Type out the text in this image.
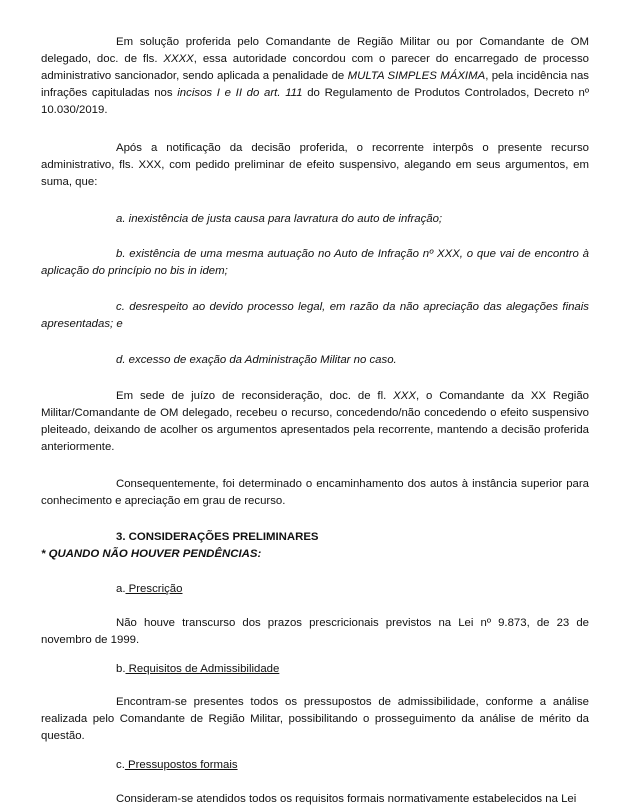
Em solução proferida pelo Comandante de Região Militar ou por Comandante de OM delegado, doc. de fls. XXXX, essa autoridade concordou com o parecer do encarregado de processo administrativo sancionador, sendo aplicada a penalidade de MULTA SIMPLES MÁXIMA, pela incidência nas infrações capituladas nos incisos I e II do art. 111 do Regulamento de Produtos Controlados, Decreto nº 10.030/2019.
Após a notificação da decisão proferida, o recorrente interpôs o presente recurso administrativo, fls. XXX, com pedido preliminar de efeito suspensivo, alegando em seus argumentos, em suma, que:
a. inexistência de justa causa para lavratura do auto de infração;
b. existência de uma mesma autuação no Auto de Infração nº XXX, o que vai de encontro à aplicação do princípio no bis in idem;
c. desrespeito ao devido processo legal, em razão da não apreciação das alegações finais apresentadas; e
d. excesso de exação da Administração Militar no caso.
Em sede de juízo de reconsideração, doc. de fl. XXX, o Comandante da XX Região Militar/Comandante de OM delegado, recebeu o recurso, concedendo/não concedendo o efeito suspensivo pleiteado, deixando de acolher os argumentos apresentados pela recorrente, mantendo a decisão proferida anteriormente.
Consequentemente, foi determinado o encaminhamento dos autos à instância superior para conhecimento e apreciação em grau de recurso.
3. CONSIDERAÇÕES PRELIMINARES
* QUANDO NÃO HOUVER PENDÊNCIAS:
a. Prescrição
Não houve transcurso dos prazos prescricionais previstos na Lei nº 9.873, de 23 de novembro de 1999.
b. Requisitos de Admissibilidade
Encontram-se presentes todos os pressupostos de admissibilidade, conforme a análise realizada pelo Comandante de Região Militar, possibilitando o prosseguimento da análise de mérito da questão.
c. Pressupostos formais
Consideram-se atendidos todos os requisitos formais normativamente estabelecidos na Lei
